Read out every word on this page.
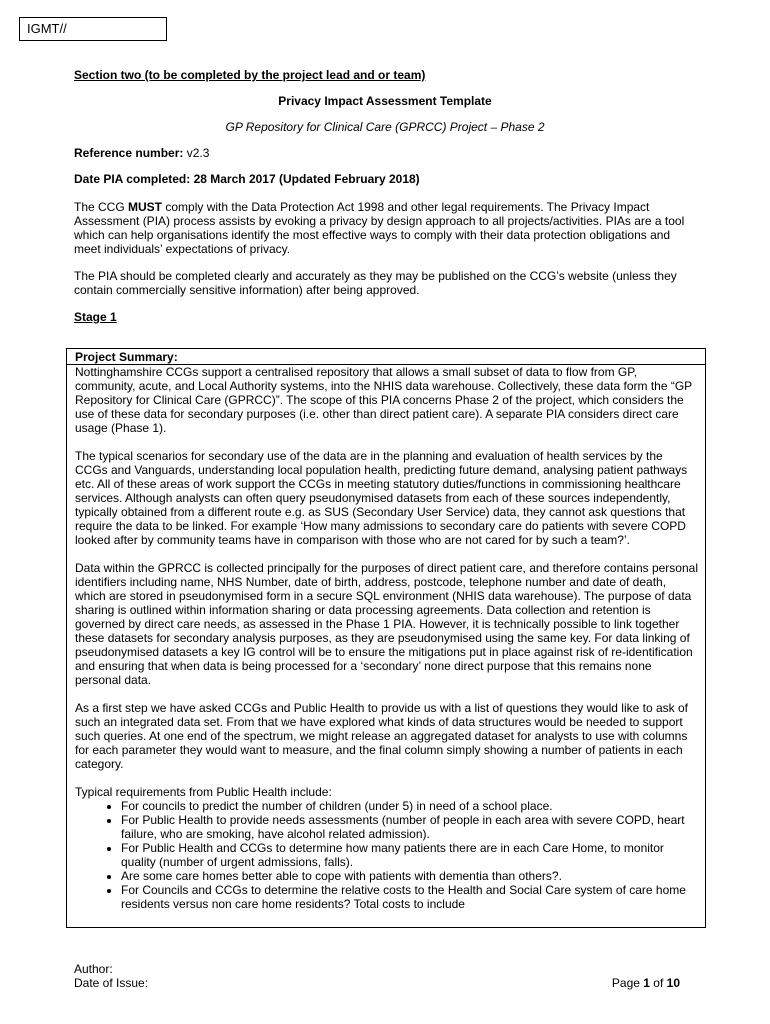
IGMT//

Section two (to be completed by the project lead and or team)

Privacy Impact Assessment Template

GP Repository for Clinical Care (GPRCC) Project – Phase 2

Reference number: v2.3

Date PIA completed: 28 March 2017 (Updated February 2018)

The CCG MUST comply with the Data Protection Act 1998 and other legal requirements. The Privacy Impact Assessment (PIA) process assists by evoking a privacy by design approach to all projects/activities. PIAs are a tool which can help organisations identify the most effective ways to comply with their data protection obligations and meet individuals’ expectations of privacy.

The PIA should be completed clearly and accurately as they may be published on the CCG’s website (unless they contain commercially sensitive information) after being approved.

Stage 1

Project Summary:

Nottinghamshire CCGs support a centralised repository that allows a small subset of data to flow from GP, community, acute, and Local Authority systems, into the NHIS data warehouse. Collectively, these data form the “GP Repository for Clinical Care (GPRCC)”. The scope of this PIA concerns Phase 2 of the project, which considers the use of these data for secondary purposes (i.e. other than direct patient care). A separate PIA considers direct care usage (Phase 1).

The typical scenarios for secondary use of the data are in the planning and evaluation of health services by the CCGs and Vanguards, understanding local population health, predicting future demand, analysing patient pathways etc. All of these areas of work support the CCGs in meeting statutory duties/functions in commissioning healthcare services. Although analysts can often query pseudonymised datasets from each of these sources independently, typically obtained from a different route e.g. as SUS (Secondary User Service) data, they cannot ask questions that require the data to be linked. For example ‘How many admissions to secondary care do patients with severe COPD looked after by community teams have in comparison with those who are not cared for by such a team?’.

Data within the GPRCC is collected principally for the purposes of direct patient care, and therefore contains personal identifiers including name, NHS Number, date of birth, address, postcode, telephone number and date of death, which are stored in pseudonymised form in a secure SQL environment (NHIS data warehouse). The purpose of data sharing is outlined within information sharing or data processing agreements. Data collection and retention is governed by direct care needs, as assessed in the Phase 1 PIA. However, it is technically possible to link together these datasets for secondary analysis purposes, as they are pseudonymised using the same key. For data linking of pseudonymised datasets a key IG control will be to ensure the mitigations put in place against risk of re-identification and ensuring that when data is being processed for a ‘secondary’ none direct purpose that this remains none personal data.

As a first step we have asked CCGs and Public Health to provide us with a list of questions they would like to ask of such an integrated data set. From that we have explored what kinds of data structures would be needed to support such queries. At one end of the spectrum, we might release an aggregated dataset for analysts to use with columns for each parameter they would want to measure, and the final column simply showing a number of patients in each category.

Typical requirements from Public Health include:

• For councils to predict the number of children (under 5) in need of a school place.
• For Public Health to provide needs assessments (number of people in each area with severe COPD, heart failure, who are smoking, have alcohol related admission).
• For Public Health and CCGs to determine how many patients there are in each Care Home, to monitor quality (number of urgent admissions, falls).
• Are some care homes better able to cope with patients with dementia than others?.
• For Councils and CCGs to determine the relative costs to the Health and Social Care system of care home residents versus non care home residents? Total costs to include
Author:
Date of Issue:	Page 1 of 10
